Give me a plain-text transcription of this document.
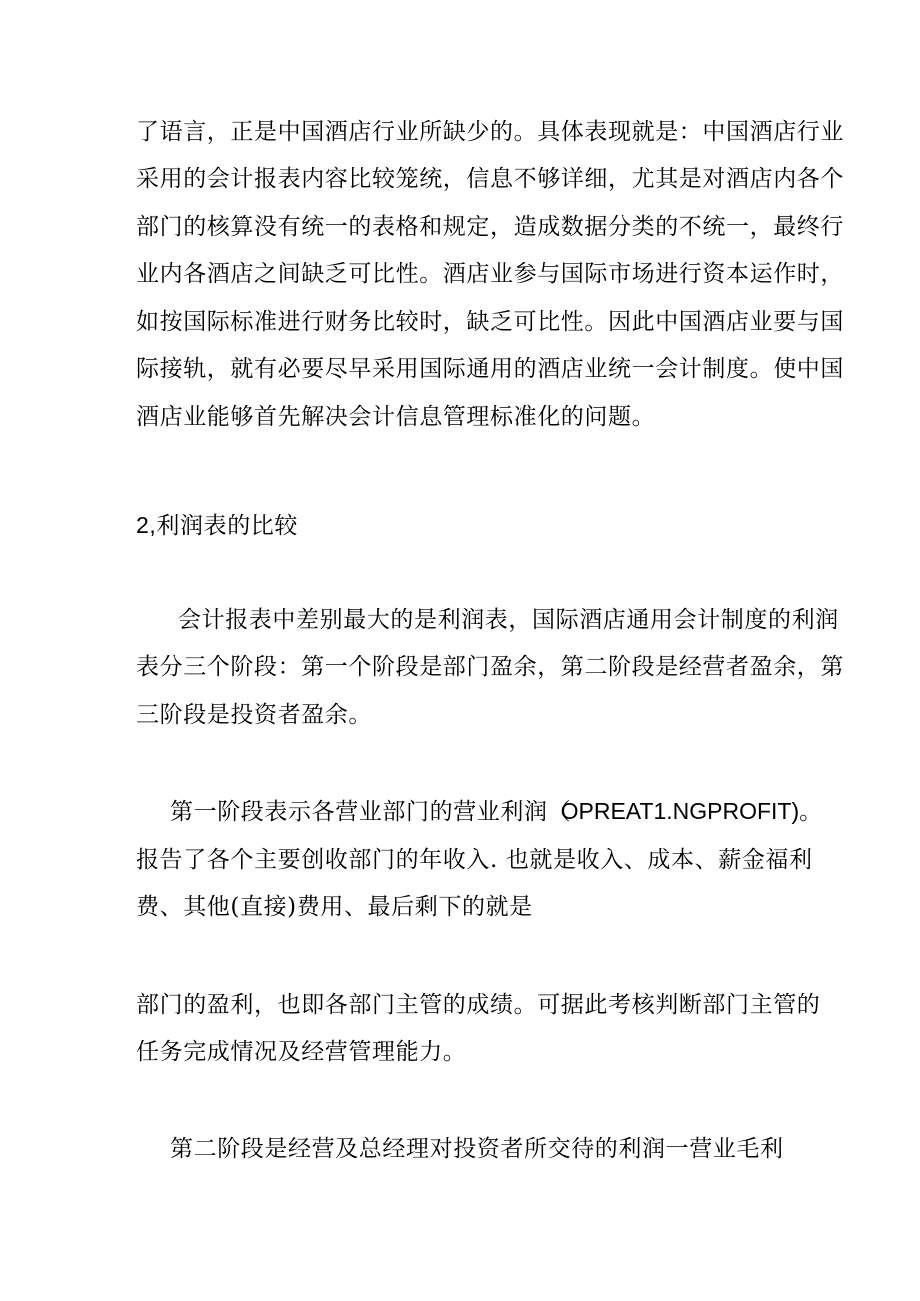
了语言，正是中国酒店行业所缺少的。具体表现就是：中国酒店行业
采用的会计报表内容比较笼统，信息不够详细，尤其是对酒店内各个
部门的核算没有统一的表格和规定，造成数据分类的不统一，最终行
业内各酒店之间缺乏可比性。酒店业参与国际市场进行资本运作时，
如按国际标准进行财务比较时，缺乏可比性。因此中国酒店业要与国
际接轨，就有必要尽早采用国际通用的酒店业统一会计制度。使中国
酒店业能够首先解决会计信息管理标准化的问题。
2,利润表的比较
会计报表中差别最大的是利润表，国际酒店通用会计制度的利润
表分三个阶段：第一个阶段是部门盈余，第二阶段是经营者盈余，第
三阶段是投资者盈余。
第一阶段表示各营业部门的营业利润（OPREAT1.NGPROFIT)。
报告了各个主要创收部门的年收入. 也就是收入、成本、薪金福利
费、其他(直接)费用、最后剩下的就是
部门的盈利，也即各部门主管的成绩。可据此考核判断部门主管的
任务完成情况及经营管理能力。
第二阶段是经营及总经理对投资者所交待的利润一营业毛利
